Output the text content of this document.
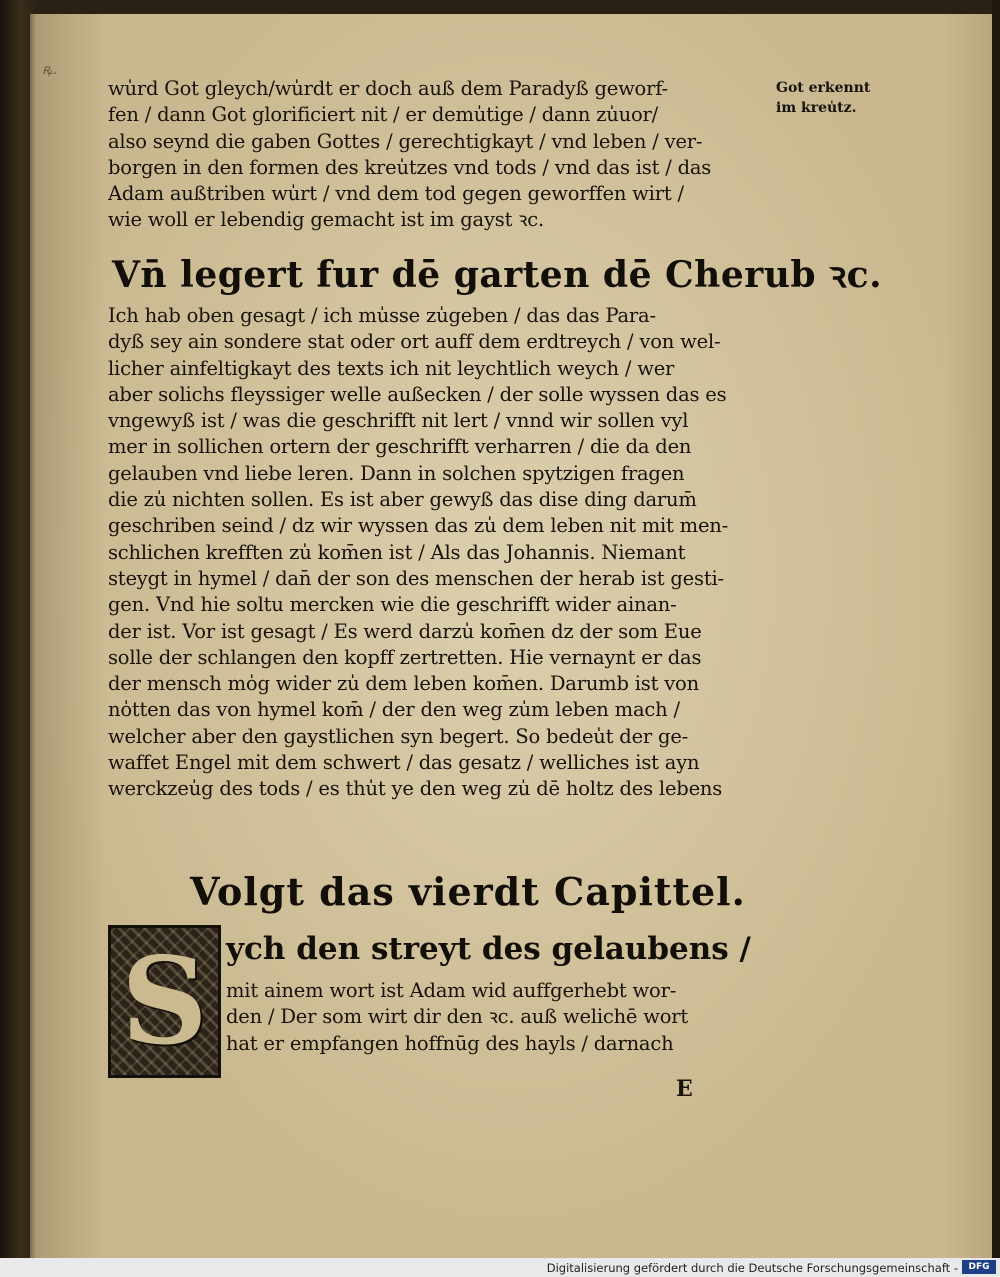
ꝶ.
wu̍rd Got gleych/wu̍rdt er doch auß dem Paradyß geworf-
fen / dann Got glorificiert nit / er demu̍tige / dann zu̍uor/
also seynd die gaben Gottes / gerechtigkayt / vnd leben / ver-
borgen in den formen des kreu̍tzes vnd tods / vnd das ist / das
Adam außtriben wu̍rt / vnd dem tod gegen geworffen wirt /
wie woll er lebendig gemacht ist im gayst ꝛc.
Got erkennt
im kreu̍tz.
Vn̄ legert fur dē garten dē Cherub ꝛc.
Ich hab oben gesagt / ich mu̍sse zu̍geben / das das Para-
dyß sey ain sondere stat oder ort auff dem erdtreych / von wel-
licher ainfeltigkayt des texts ich nit leychtlich weych / wer
aber solichs fleyssiger welle außecken / der solle wyssen das es
vngewyß ist / was die geschrifft nit lert / vnnd wir sollen vyl
mer in sollichen ortern der geschrifft verharren / die da den
gelauben vnd liebe leren. Dann in solchen spytzigen fragen
die zu̍ nichten sollen. Es ist aber gewyß das dise ding darum̄
geschriben seind / dz wir wyssen das zu̍ dem leben nit mit men-
schlichen krefften zu̍ kom̄en ist / Als das Johannis. Niemant
steygt in hymel / dan̄ der son des menschen der herab ist gesti-
gen. Vnd hie soltu mercken wie die geschrifft wider ainan-
der ist. Vor ist gesagt / Es werd darzu̍ kom̄en dz der som Eue
solle der schlangen den kopff zertretten. Hie vernaynt er das
der mensch mo̍g wider zu̍ dem leben kom̄en. Darumb ist von
no̍tten das von hymel kom̄ / der den weg zu̍m leben mach /
welcher aber den gaystlichen syn begert. So bedeu̍t der ge-
waffet Engel mit dem schwert / das gesatz / welliches ist ayn
werckzeu̍g des tods / es thu̍t ye den weg zu̍ dē holtz des lebens
Volgt das vierdt Capittel.
S ych den streyt des gelaubens /
mit ainem wort ist Adam wid auffgerhebt wor-
den / Der som wirt dir den ꝛc. auß welichē wort
hat er empfangen hoffnūg des hayls / darnach
E
Digitalisierung gefördert durch die Deutsche Forschungsgemeinschaft -	DFG
